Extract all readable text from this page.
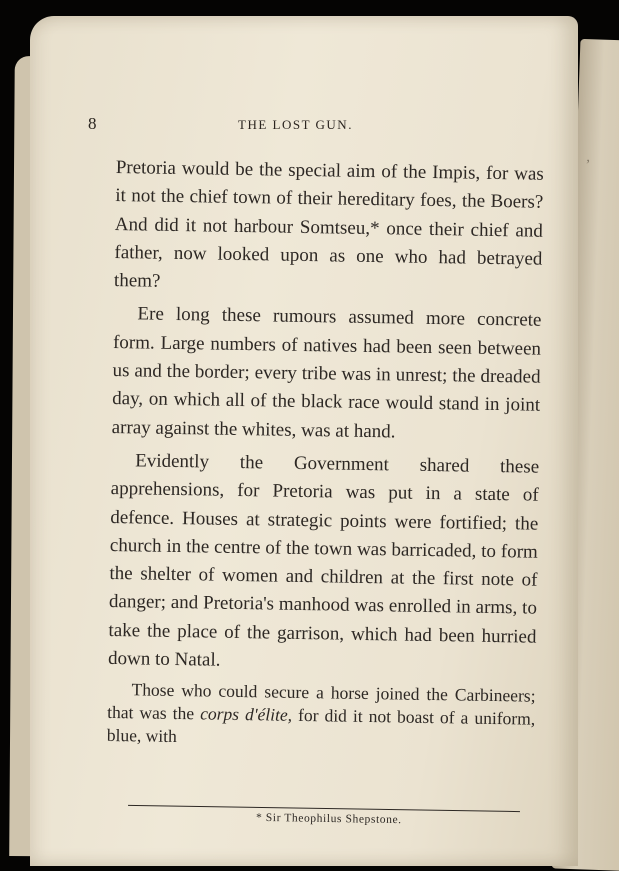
,
8	THE LOST GUN.

Pretoria would be the special aim of the Impis, for was it not the chief town of their hereditary foes, the Boers? And did it not harbour Somtseu,* once their chief and father, now looked upon as one who had betrayed them?

Ere long these rumours assumed more concrete form. Large numbers of natives had been seen between us and the border; every tribe was in unrest; the dreaded day, on which all of the black race would stand in joint array against the whites, was at hand.

Evidently the Government shared these apprehensions, for Pretoria was put in a state of defence. Houses at strategic points were fortified; the church in the centre of the town was barricaded, to form the shelter of women and children at the first note of danger; and Pretoria's manhood was enrolled in arms, to take the place of the garrison, which had been hurried down to Natal.

Those who could secure a horse joined the Carbineers; that was the corps d'élite, for did it not boast of a uniform, blue, with

* Sir Theophilus Shepstone.
